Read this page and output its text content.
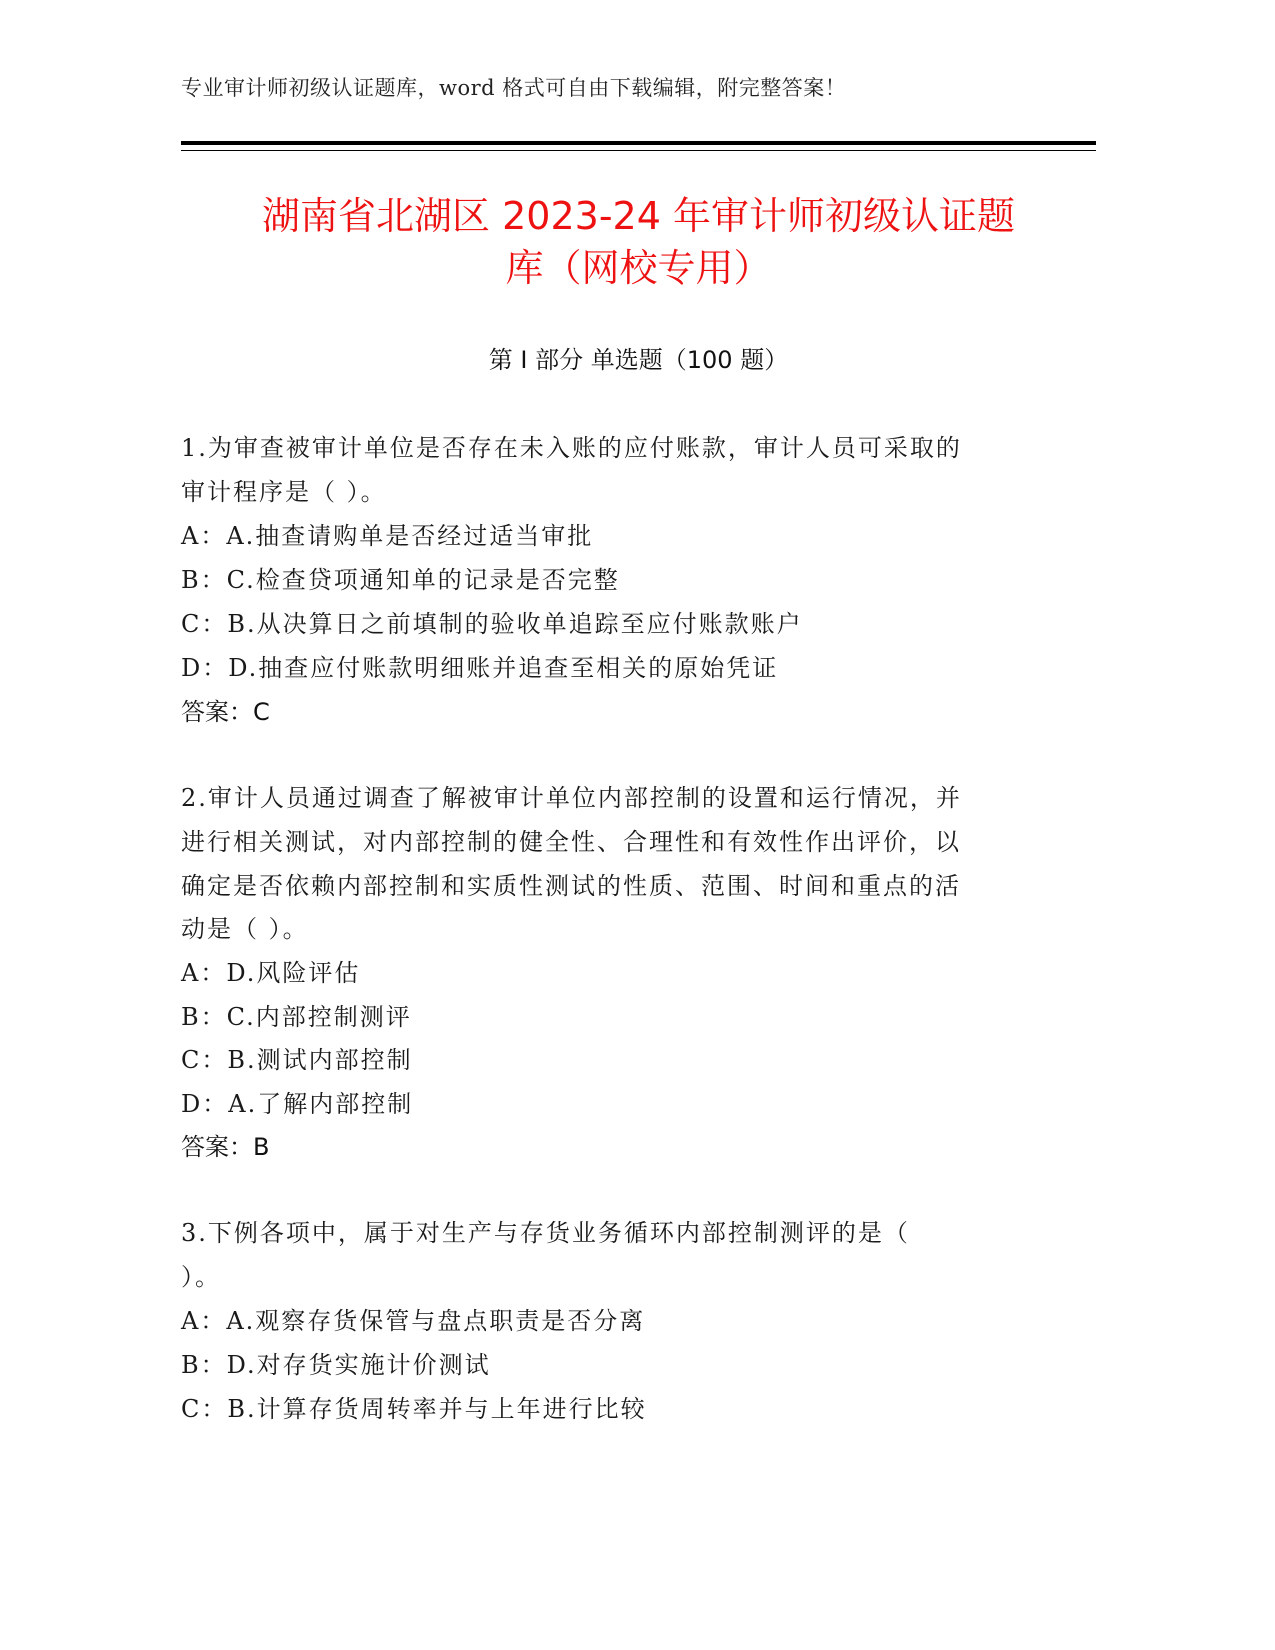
专业审计师初级认证题库，word 格式可自由下载编辑，附完整答案！
湖南省北湖区 2023-24 年审计师初级认证题
库（网校专用）
第 I 部分 单选题（100 题）
1.为审查被审计单位是否存在未入账的应付账款，审计人员可采取的
审计程序是（ ）。
A：A.抽查请购单是否经过适当审批
B：C.检查贷项通知单的记录是否完整
C：B.从决算日之前填制的验收单追踪至应付账款账户
D：D.抽查应付账款明细账并追查至相关的原始凭证
答案：C
2.审计人员通过调查了解被审计单位内部控制的设置和运行情况，并
进行相关测试，对内部控制的健全性、合理性和有效性作出评价，以
确定是否依赖内部控制和实质性测试的性质、范围、时间和重点的活
动是（ ）。
A：D.风险评估
B：C.内部控制测评
C：B.测试内部控制
D：A.了解内部控制
答案：B
3.下例各项中，属于对生产与存货业务循环内部控制测评的是（
）。
A：A.观察存货保管与盘点职责是否分离
B：D.对存货实施计价测试
C：B.计算存货周转率并与上年进行比较
